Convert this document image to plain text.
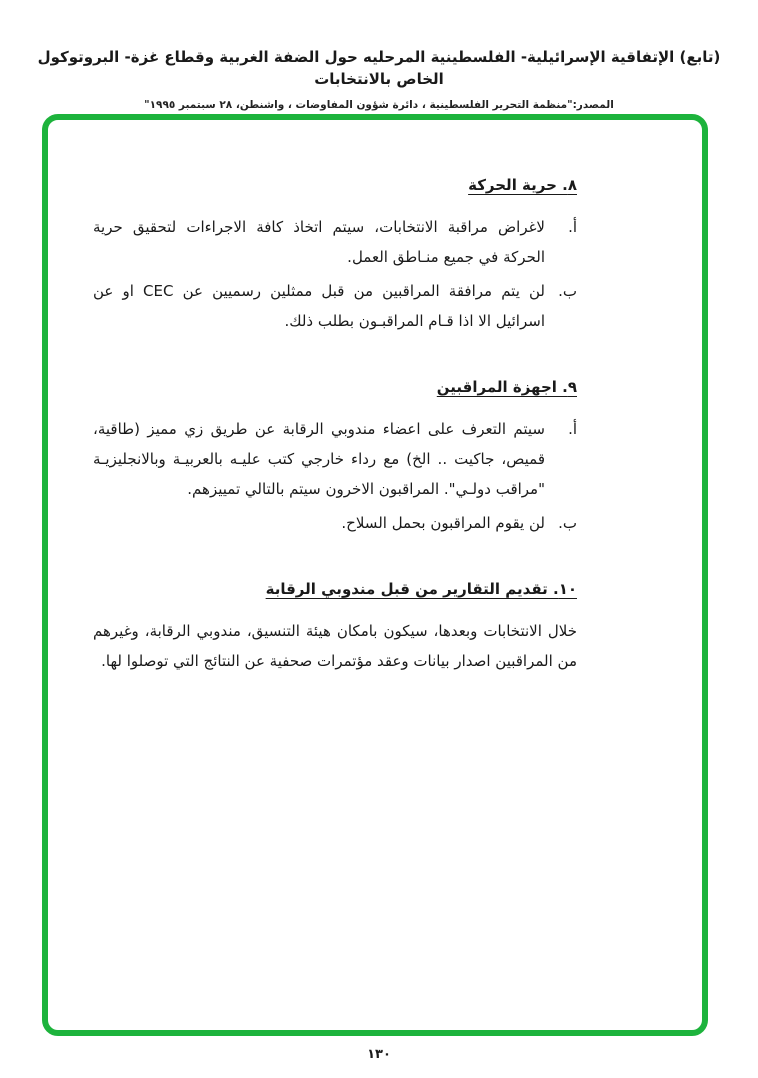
(تابع) الإتفاقية الإسرائيلية- الفلسطينية المرحليه حول الضفة الغربية وقطاع غزة- البروتوكول الخاص بالانتخابات
المصدر:"منظمة التحرير الفلسطينية ، دائرة شؤون المفاوضات ، واشنطن، ٢٨ سبتمبر ١٩٩٥"
٨. حرية الحركة
أ.
لاغراض مراقبة الانتخابات، سيتم اتخاذ كافة الاجراءات لتحقيق حرية الحركة في جميع منـاطق العمل.
ب.
لن يتم مرافقة المراقبين من قبل ممثلين رسميين عن CEC او عن اسرائيل الا اذا قـام المراقبـون بطلب ذلك.
٩. اجهزة المراقبين
أ.
سيتم التعرف على اعضاء مندوبي الرقابة عن طريق زي مميز (طاقية، قميص، جاكيت .. الخ) مع رداء خارجي كتب عليـه بالعربيـة وبالانجليزيـة "مراقب دولـي". المراقبون الاخرون سيتم بالتالي تمييزهم.
ب.
لن يقوم المراقبون بحمل السلاح.
١٠. تقديم التقارير من قبل مندوبي الرقابة
خلال الانتخابات وبعدها، سيكون بامكان هيئة التنسيق، مندوبي الرقابة، وغيرهم من المراقبين اصدار بيانات وعقد مؤتمرات صحفية عن النتائج التي توصلوا لها.
١٣٠
